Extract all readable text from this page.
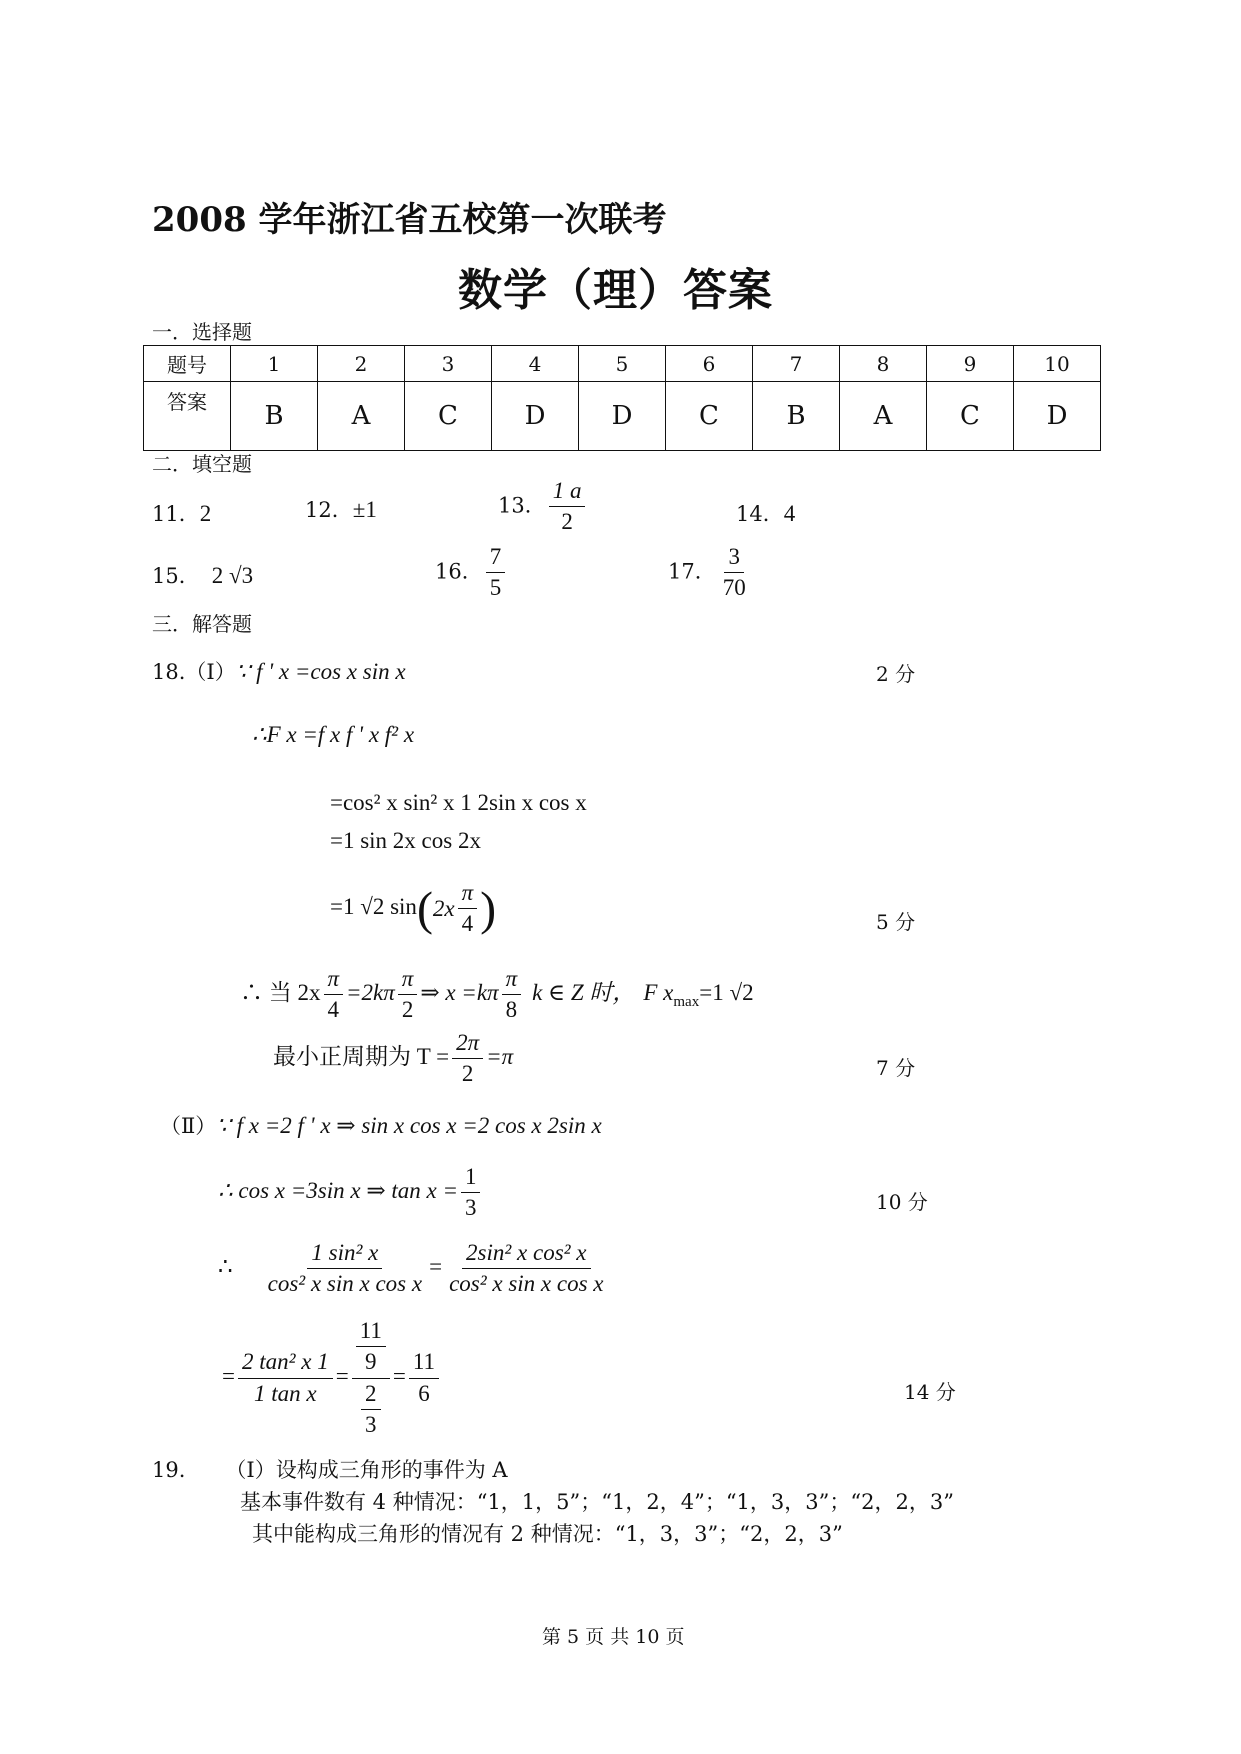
2008 学年浙江省五校第一次联考
数学（理）答案
一．选择题
题号	1	2	3	4	5	6	7	8	9	10
答案	B	A	C	D	D	C	B	A	C	D
二．填空题
11．2	12．±1	13． $\frac{1 a}{2}$	14．4
15． 2 √3	16． $\frac{7}{5}$	17． $\frac{3}{70}$
三．解答题
18.（Ⅰ）∵ f ' x =cos x sin x	2 分
∴F x =f x f ' x f² x
=cos² x sin² x 1 2sin x cos x
=1 sin 2x cos 2x
=1 √2 $\sin(2x \frac{\pi}{4}$ )	5 分
∴ 当 $2x \frac{\pi}{4} =2k\pi \frac{\pi}{2}$ ⇒ $x =k\pi \frac{\pi}{8}$ k ∈ Z 时， F $x_{max}=1$ √2
最小正周期为 $T = \frac{2\pi}{2} =\pi$	7 分
（Ⅱ）∵ f x =2 f ' x ⇒ sin x cos x =2 cos x 2sin x
∴ cos x =3sin x ⇒ $\tan x = \frac{1}{3}$	10 分
∴ $\frac{\text{1 sin² x}}{\text{cos² x sin x cos x}} = \frac{\text{2sin² x cos² x}}{\text{cos² x sin x cos x}}$
= $\frac{\text{2 tan² x 1}}{\text{1 tan x}} = \frac{\frac{11}{9}}{\frac{2}{3}} = \frac{11}{6}$	14 分
19. （Ⅰ）设构成三角形的事件为 A
基本事件数有 4 种情况：“1，1，5”；“1，2，4”；“1，3，3”；“2，2，3”
其中能构成三角形的情况有 2 种情况：“1，3，3”；“2，2，3”
第 5 页 共 10 页
